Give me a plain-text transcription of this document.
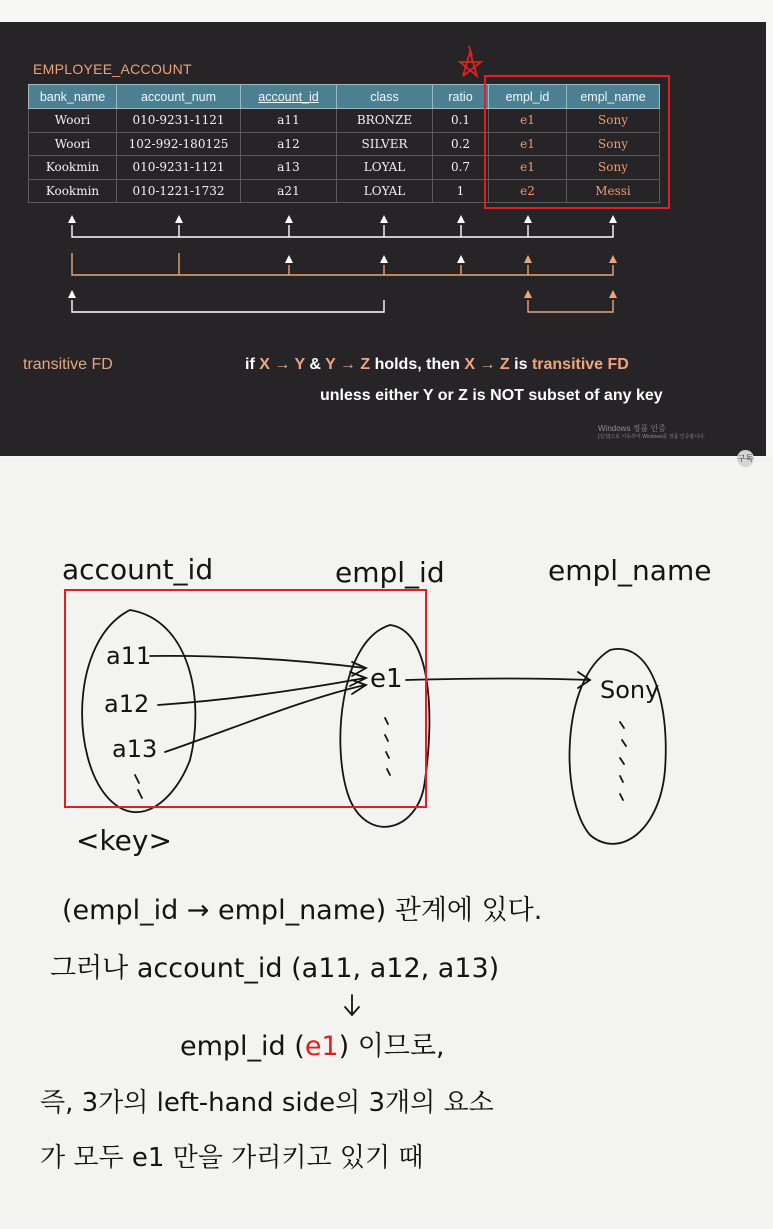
EMPLOYEE_ACCOUNT
bank_name	account_num	account_id	class	ratio	empl_id	empl_name
Woori	010-9231-1121	a11	BRONZE	0.1	e1	Sony
Woori	102-992-180125	a12	SILVER	0.2	e1	Sony
Kookmin	010-9231-1121	a13	LOYAL	0.7	e1	Sony
Kookmin	010-1221-1732	a21	LOYAL	1	e2	Messi
transitive FD	if X → Y & Y → Z holds, then X → Z is transitive FD
unless either Y or Z is NOT subset of any key
Windows 정품 인증
[설정]으로 이동하여 Windows를 정품 인증합니다.
구독
account_id	empl_id	empl_name
a11
a12
a13
e1	Sony
<key>
(empl_id → empl_name) 관계에 있다.
그러나 account_id (a11, a12, a13)
empl_id (e1) 이므로,
즉, 3가의 left-hand side의 3개의 요소
가 모두 e1 만을 가리키고 있기 때
